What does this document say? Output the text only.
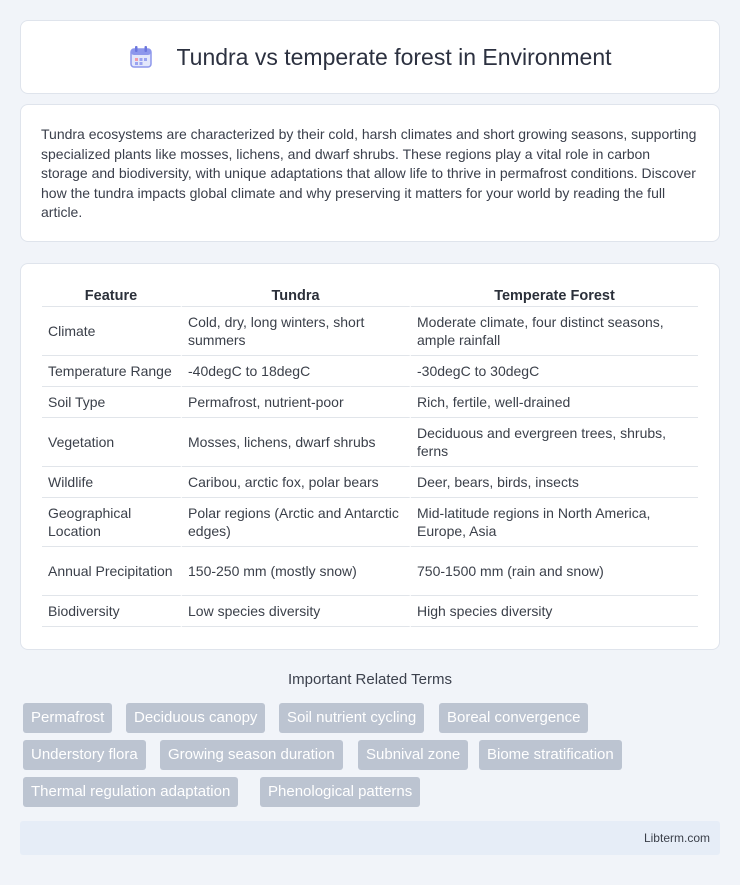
Tundra vs temperate forest in Environment

Tundra ecosystems are characterized by their cold, harsh climates and short growing seasons, supporting specialized plants like mosses, lichens, and dwarf shrubs. These regions play a vital role in carbon storage and biodiversity, with unique adaptations that allow life to thrive in permafrost conditions. Discover how the tundra impacts global climate and why preserving it matters for your world by reading the full article.

Feature	Tundra	Temperate Forest
Climate	Cold, dry, long winters, short summers	Moderate climate, four distinct seasons, ample rainfall
Temperature Range	-40degC to 18degC	-30degC to 30degC
Soil Type	Permafrost, nutrient-poor	Rich, fertile, well-drained
Vegetation	Mosses, lichens, dwarf shrubs	Deciduous and evergreen trees, shrubs, ferns
Wildlife	Caribou, arctic fox, polar bears	Deer, bears, birds, insects
Geographical Location	Polar regions (Arctic and Antarctic edges)	Mid-latitude regions in North America, Europe, Asia
Annual Precipitation	150-250 mm (mostly snow)	750-1500 mm (rain and snow)
Biodiversity	Low species diversity	High species diversity
Important Related Terms
Permafrost	Deciduous canopy	Soil nutrient cycling	Boreal convergence
Understory flora	Growing season duration	Subnival zone	Biome stratification
Thermal regulation adaptation	Phenological patterns
Libterm.com
